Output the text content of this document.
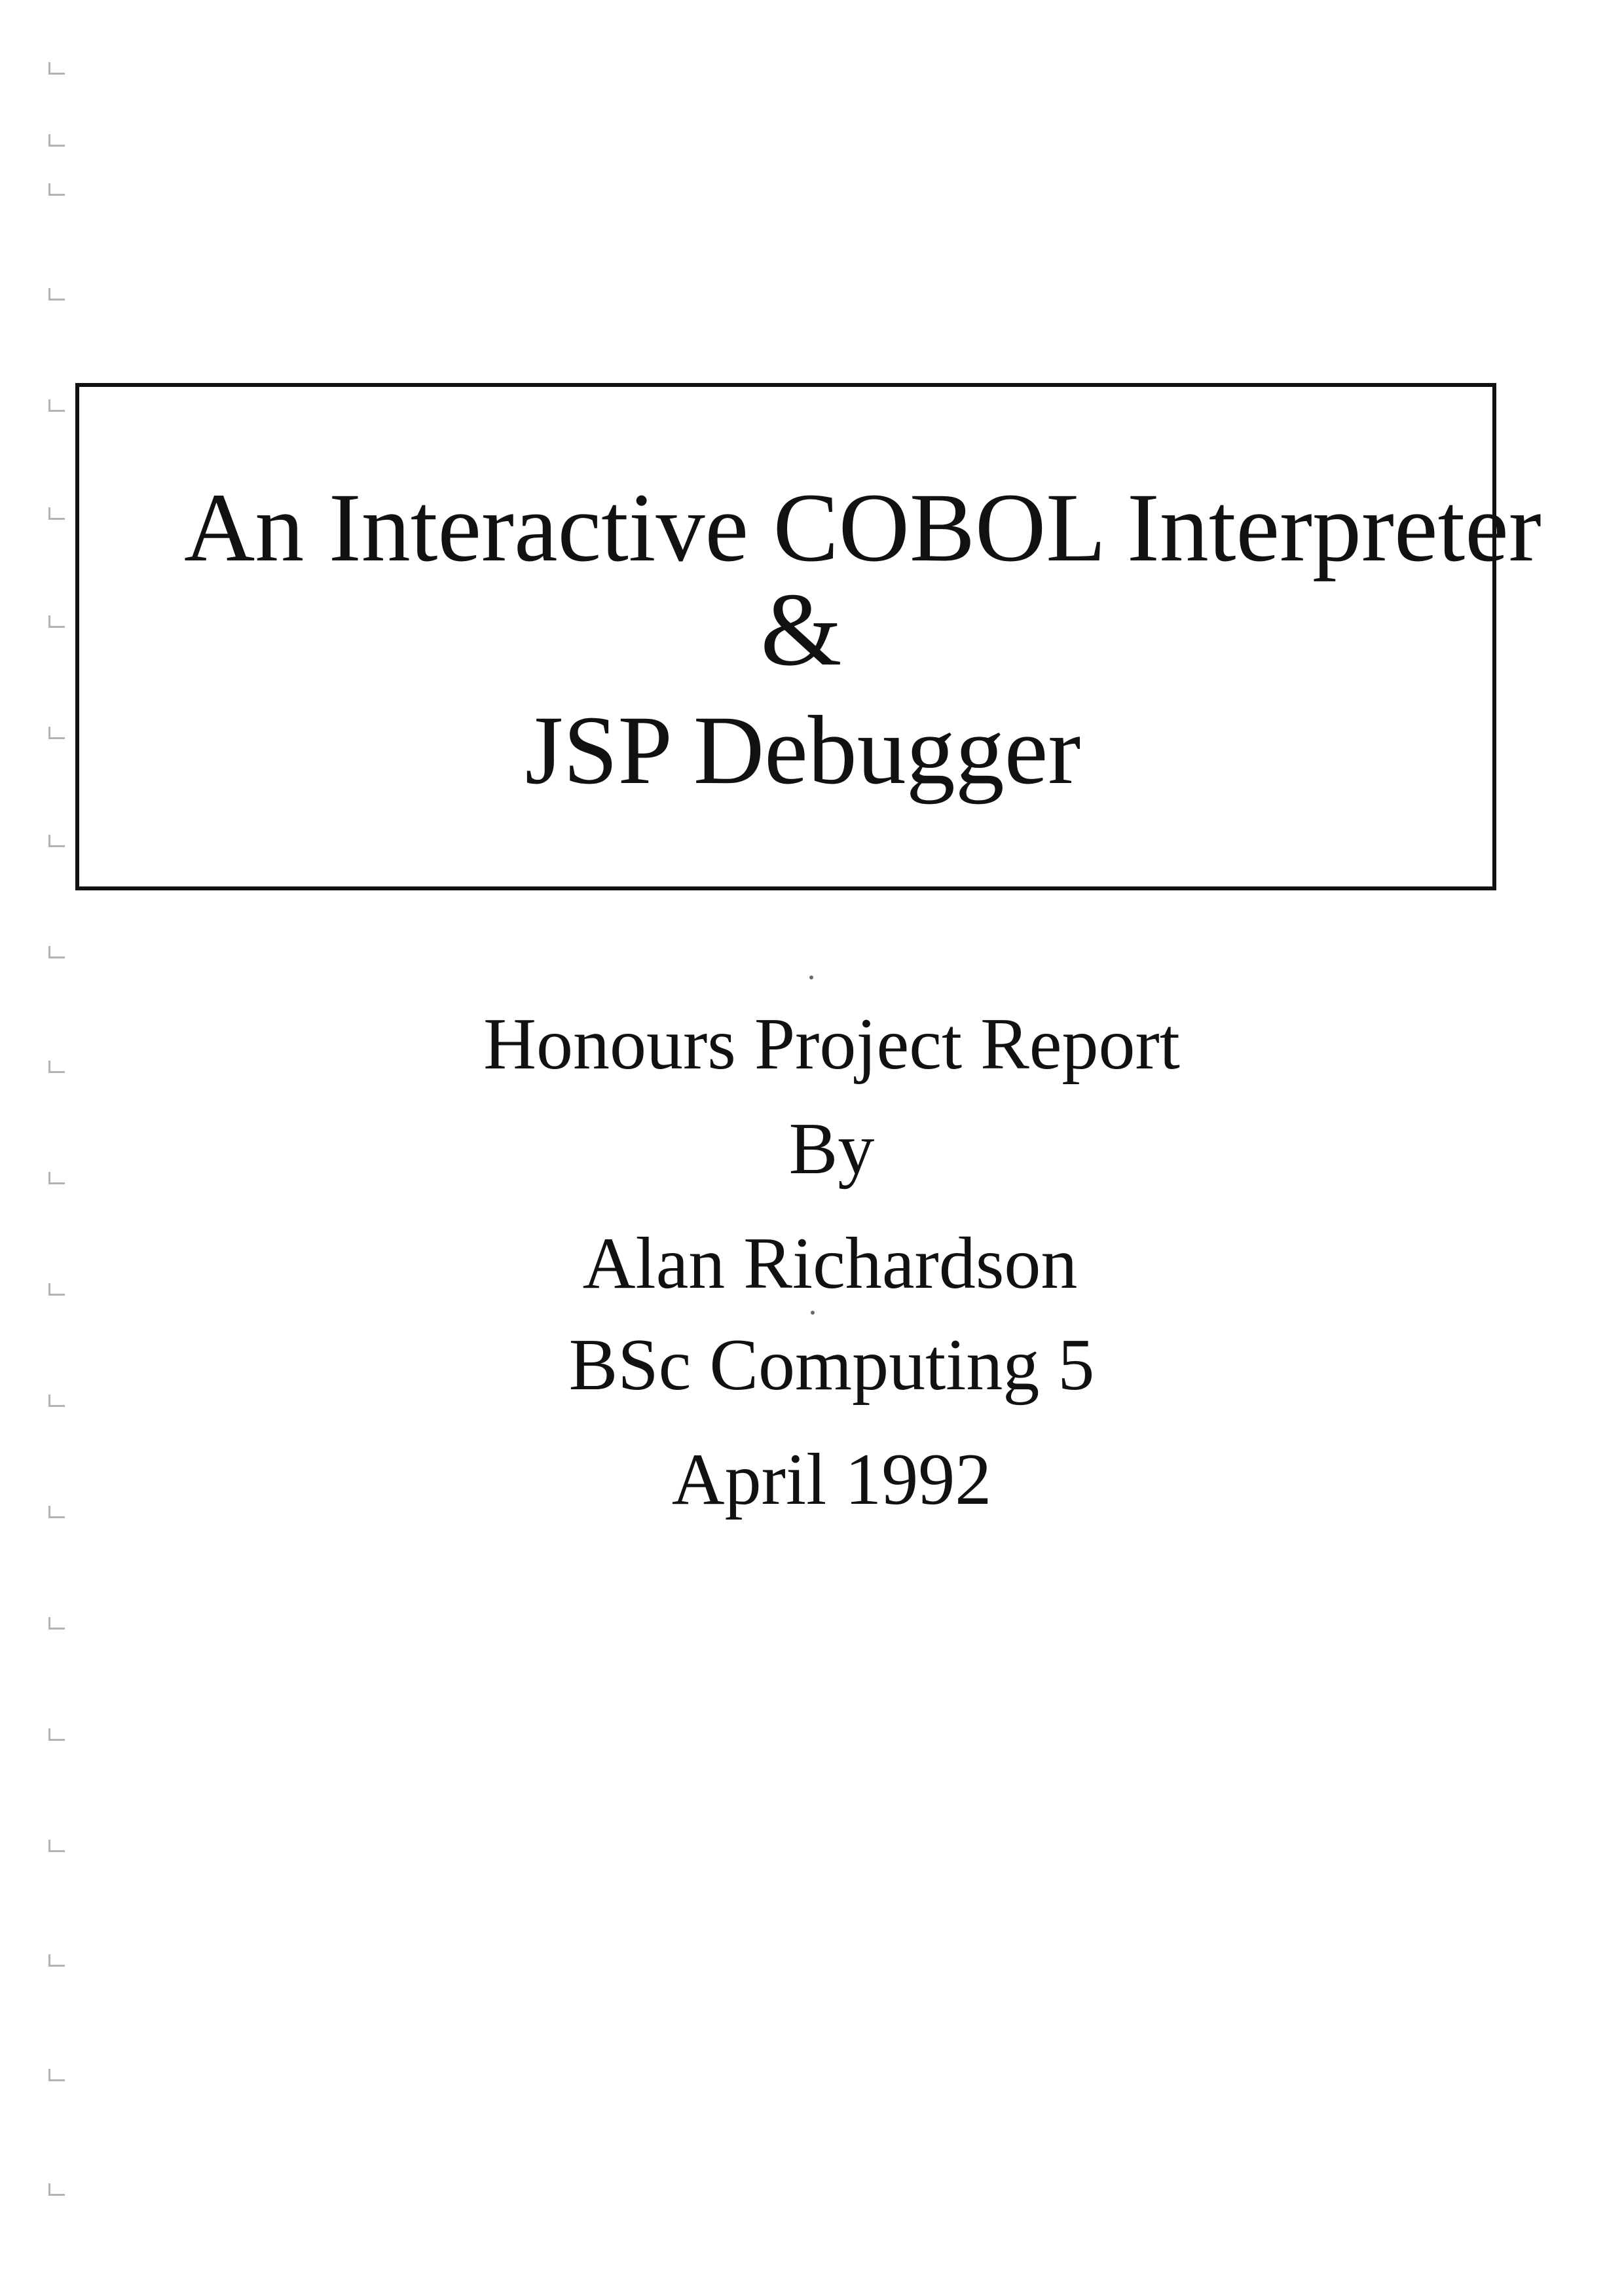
An Interactive COBOL Interpreter
&
JSP Debugger

Honours Project Report

By

Alan Richardson

BSc Computing 5

April 1992
